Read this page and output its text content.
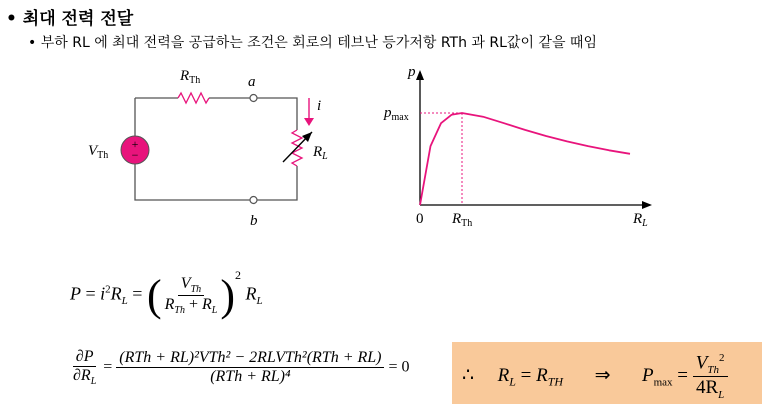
• 최대 전력 전달
• 부하 RL 에 최대 전력을 공급하는 조건은 회로의 테브난 등가저항 RTh 과 RL값이 같을 때임
+
−
$R_{Th}$	a
b
i
$V_{Th}$	$R_L$
$p_{max}$
0 $R_{Th}$
p
$R_L$
$P = i^2R_L$ = ( $\frac{V_{Th}}{R_{Th} + R_L} )^2$ $R_L$
$\frac{\partial P}{\partial R_L} = \frac{\text{(RTh + RL)²VTh² − 2RLVTh²(RTh + RL)}}{\text{(RTh + RL)⁴}} = 0$	∴ $R_L = R_{TH}$ ⇒ $P_{max} = \frac{V_{Th}^2}{4R_L}$
